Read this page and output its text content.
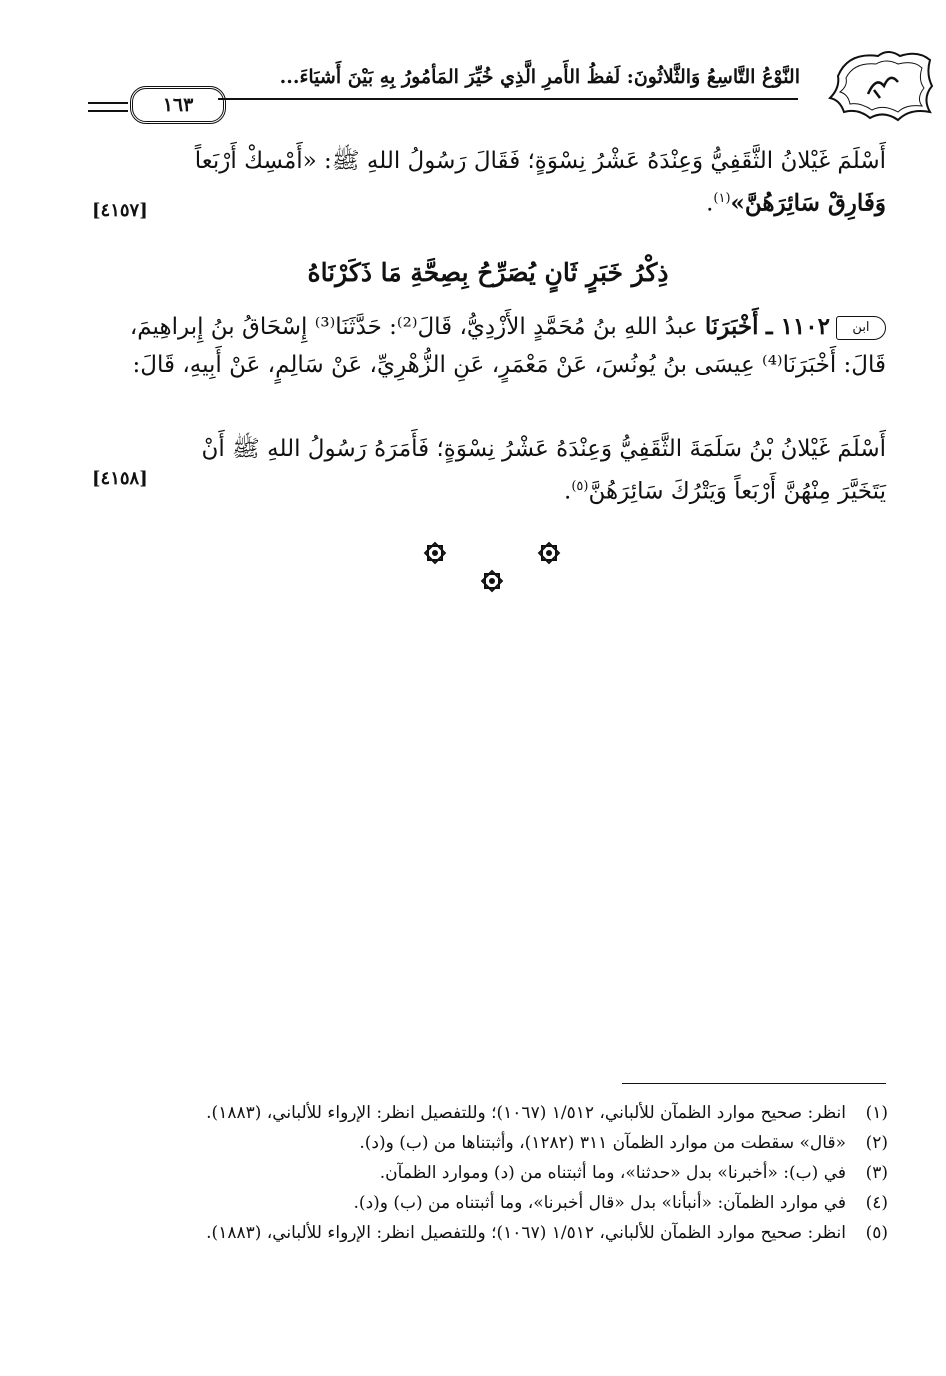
النَّوْعُ التَّاسِعُ وَالثَّلاثُونَ: لَفظُ الأَمرِ الَّذِي خُيِّرَ المَأمُورُ بِهِ بَيْنَ أَشيَاءَ...
١٦٣
أَسْلَمَ غَيْلانُ الثَّقَفِيُّ وَعِنْدَهُ عَشْرُ نِسْوَةٍ؛ فَقَالَ رَسُولُ اللهِ ﷺ: «أَمْسِكْ أَرْبَعاً
وَفَارِقْ سَائِرَهُنَّ»$^{(١)}$.
[٤١٥٧]
ذِكْرُ خَبَرٍ ثَانٍ يُصَرِّحُ بِصِحَّةِ مَا ذَكَرْنَاهُ
ابن١١٠٢ ـ أَخْبَرَنَا عبدُ اللهِ بنُ مُحَمَّدٍ الأَزْدِيُّ، قَالَ⁽²⁾: حَدَّثَنَا⁽³⁾ إِسْحَاقُ بنُ إِبراهِيمَ،
قَالَ: أَخْبَرَنَا⁽⁴⁾ عِيسَى بنُ يُونُسَ، عَنْ مَعْمَرٍ، عَنِ الزُّهْرِيِّ، عَنْ سَالِمٍ، عَنْ أَبِيهِ، قَالَ:
أَسْلَمَ غَيْلانُ بْنُ سَلَمَةَ الثَّقَفِيُّ وَعِنْدَهُ عَشْرُ نِسْوَةٍ؛ فَأَمَرَهُ رَسُولُ اللهِ ﷺ أَنْ
يَتَخَيَّرَ مِنْهُنَّ أَرْبَعاً وَيَتْرُكَ سَائِرَهُنَّ$^{(٥)}$.
[٤١٥٨]
(١)
انظر: صحيح موارد الظمآن للألباني، ١/٥١٢ (١٠٦٧)؛ وللتفصيل انظر: الإرواء للألباني، (١٨٨٣).
(٢)
«قال» سقطت من موارد الظمآن ٣١١ (١٢٨٢)، وأثبتناها من (ب) و(د).
(٣)
في (ب): «أخبرنا» بدل «حدثنا»، وما أثبتناه من (د) وموارد الظمآن.
(٤)
في موارد الظمآن: «أنبأنا» بدل «قال أخبرنا»، وما أثبتناه من (ب) و(د).
(٥)
انظر: صحيح موارد الظمآن للألباني، ١/٥١٢ (١٠٦٧)؛ وللتفصيل انظر: الإرواء للألباني، (١٨٨٣).
